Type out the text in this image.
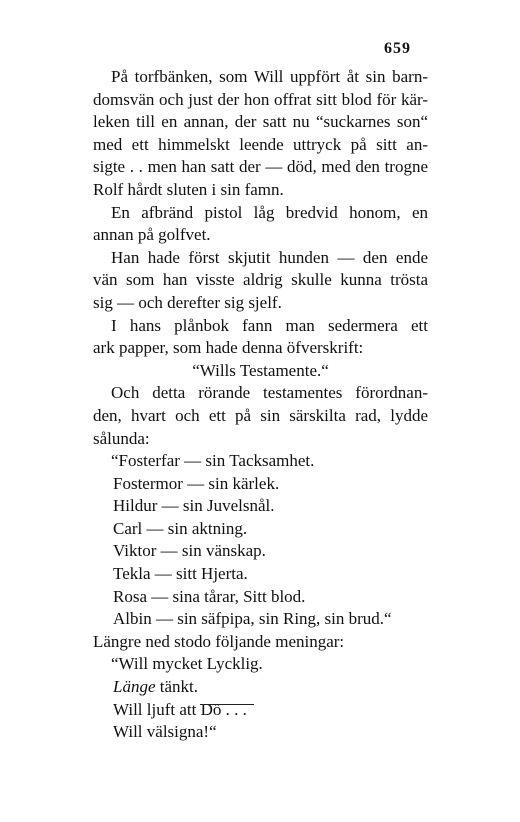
659
På torfbänken, som Will uppfört åt sin barn-
domsvän och just der hon offrat sitt blod för kär-
leken till en annan, der satt nu “suckarnes son“
med ett himmelskt leende uttryck på sitt an-
sigte . . men han satt der — död, med den trogne
Rolf hårdt sluten i sin famn.
En afbränd pistol låg bredvid honom, en
annan på golfvet.
Han hade först skjutit hunden — den ende
vän som han visste aldrig skulle kunna trösta
sig — och derefter sig sjelf.
I hans plånbok fann man sedermera ett
ark papper, som hade denna öfverskrift:
“Wills Testamente.“
Och detta rörande testamentes förordnan-
den, hvart och ett på sin särskilta rad, lydde
sålunda:
“Fosterfar — sin Tacksamhet.
Fostermor — sin kärlek.
Hildur — sin Juvelsnål.
Carl — sin aktning.
Viktor — sin vänskap.
Tekla — sitt Hjerta.
Rosa — sina tårar, Sitt blod.
Albin — sin säfpipa, sin Ring, sin brud.“
Längre ned stodo följande meningar:
“Will mycket Lycklig.
Länge tänkt.
Will ljuft att Dö . . .
Will välsigna!“
